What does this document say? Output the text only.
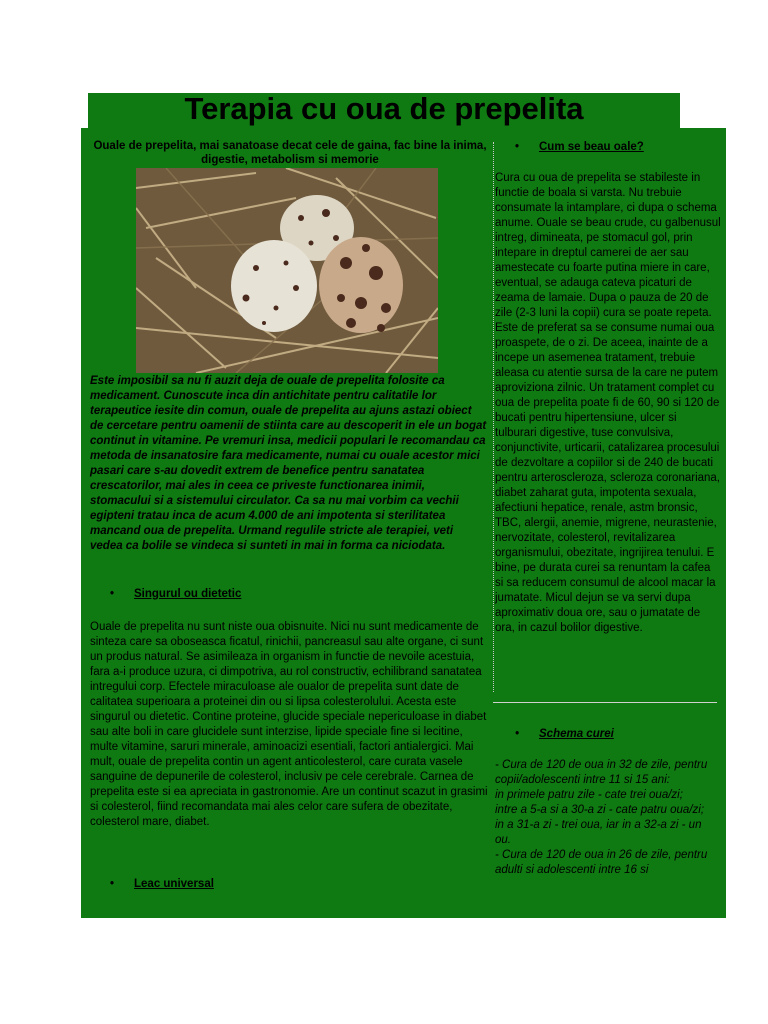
Terapia cu oua de prepelita
Ouale de prepelita, mai sanatoase decat cele de gaina, fac bine la inima, digestie, metabolism si memorie
Este imposibil sa nu fi auzit deja de ouale de prepelita folosite ca medicament. Cunoscute inca din antichitate pentru calitatile lor terapeutice iesite din comun, ouale de prepelita au ajuns astazi obiect de cercetare pentru oamenii de stiinta care au descoperit in ele un bogat continut in vitamine. Pe vremuri insa, medicii populari le recomandau ca metoda de insanatosire fara medicamente, numai cu ouale acestor mici pasari care s-au dovedit extrem de benefice pentru sanatatea crescatorilor, mai ales in ceea ce priveste functionarea inimii, stomacului si a sistemului circulator. Ca sa nu mai vorbim ca vechii egipteni tratau inca de acum 4.000 de ani impotenta si sterilitatea mancand oua de prepelita. Urmand regulile stricte ale terapiei, veti vedea ca bolile se vindeca si sunteti in mai in forma ca niciodata.
• Singurul ou dietetic
Ouale de prepelita nu sunt niste oua obisnuite. Nici nu sunt medicamente de sinteza care sa oboseasca ficatul, rinichii, pancreasul sau alte organe, ci sunt un produs natural. Se asimileaza in organism in functie de nevoile acestuia, fara a-i produce uzura, ci dimpotriva, au rol constructiv, echilibrand sanatatea intregului corp. Efectele miraculoase ale oualor de prepelita sunt date de calitatea superioara a proteinei din ou si lipsa colesterolului. Acesta este singurul ou dietetic. Contine proteine, glucide speciale nepericuloase in diabet sau alte boli in care glucidele sunt interzise, lipide speciale fine si lecitine, multe vitamine, saruri minerale, aminoacizi esentiali, factori antialergici. Mai mult, ouale de prepelita contin un agent anticolesterol, care curata vasele sanguine de depunerile de colesterol, inclusiv pe cele cerebrale. Carnea de prepelita este si ea apreciata in gastronomie. Are un continut scazut in grasimi si colesterol, fiind recomandata mai ales celor care sufera de obezitate, colesterol mare, diabet.
• Leac universal
• Cum se beau oale?
Cura cu oua de prepelita se stabileste in functie de boala si varsta. Nu trebuie consumate la intamplare, ci dupa o schema anume. Ouale se beau crude, cu galbenusul intreg, dimineata, pe stomacul gol, prin intepare in dreptul camerei de aer sau amestecate cu foarte putina miere in care, eventual, se adauga cateva picaturi de zeama de lamaie. Dupa o pauza de 20 de zile (2-3 luni la copii) cura se poate repeta. Este de preferat sa se consume numai oua proaspete, de o zi. De aceea, inainte de a incepe un asemenea tratament, trebuie aleasa cu atentie sursa de la care ne putem aproviziona zilnic. Un tratament complet cu oua de prepelita poate fi de 60, 90 si 120 de bucati pentru hipertensiune, ulcer si tulburari digestive, tuse convulsiva, conjunctivite, urticarii, catalizarea procesului de dezvoltare a copiilor si de 240 de bucati pentru arteroscleroza, scleroza coronariana, diabet zaharat guta, impotenta sexuala, afectiuni hepatice, renale, astm bronsic, TBC, alergii, anemie, migrene, neurastenie, nervozitate, colesterol, revitalizarea organismului, obezitate, ingrijirea tenului. E bine, pe durata curei sa renuntam la cafea si sa reducem consumul de alcool macar la jumatate. Micul dejun se va servi dupa aproximativ doua ore, sau o jumatate de ora, in cazul bolilor digestive.
• Schema curei
- Cura de 120 de oua in 32 de zile, pentru copii/adolescenti intre 11 si 15 ani:
in primele patru zile - cate trei oua/zi;
intre a 5-a si a 30-a zi - cate patru oua/zi;
in a 31-a zi - trei oua, iar in a 32-a zi - un ou.
- Cura de 120 de oua in 26 de zile, pentru adulti si adolescenti intre 16 si
